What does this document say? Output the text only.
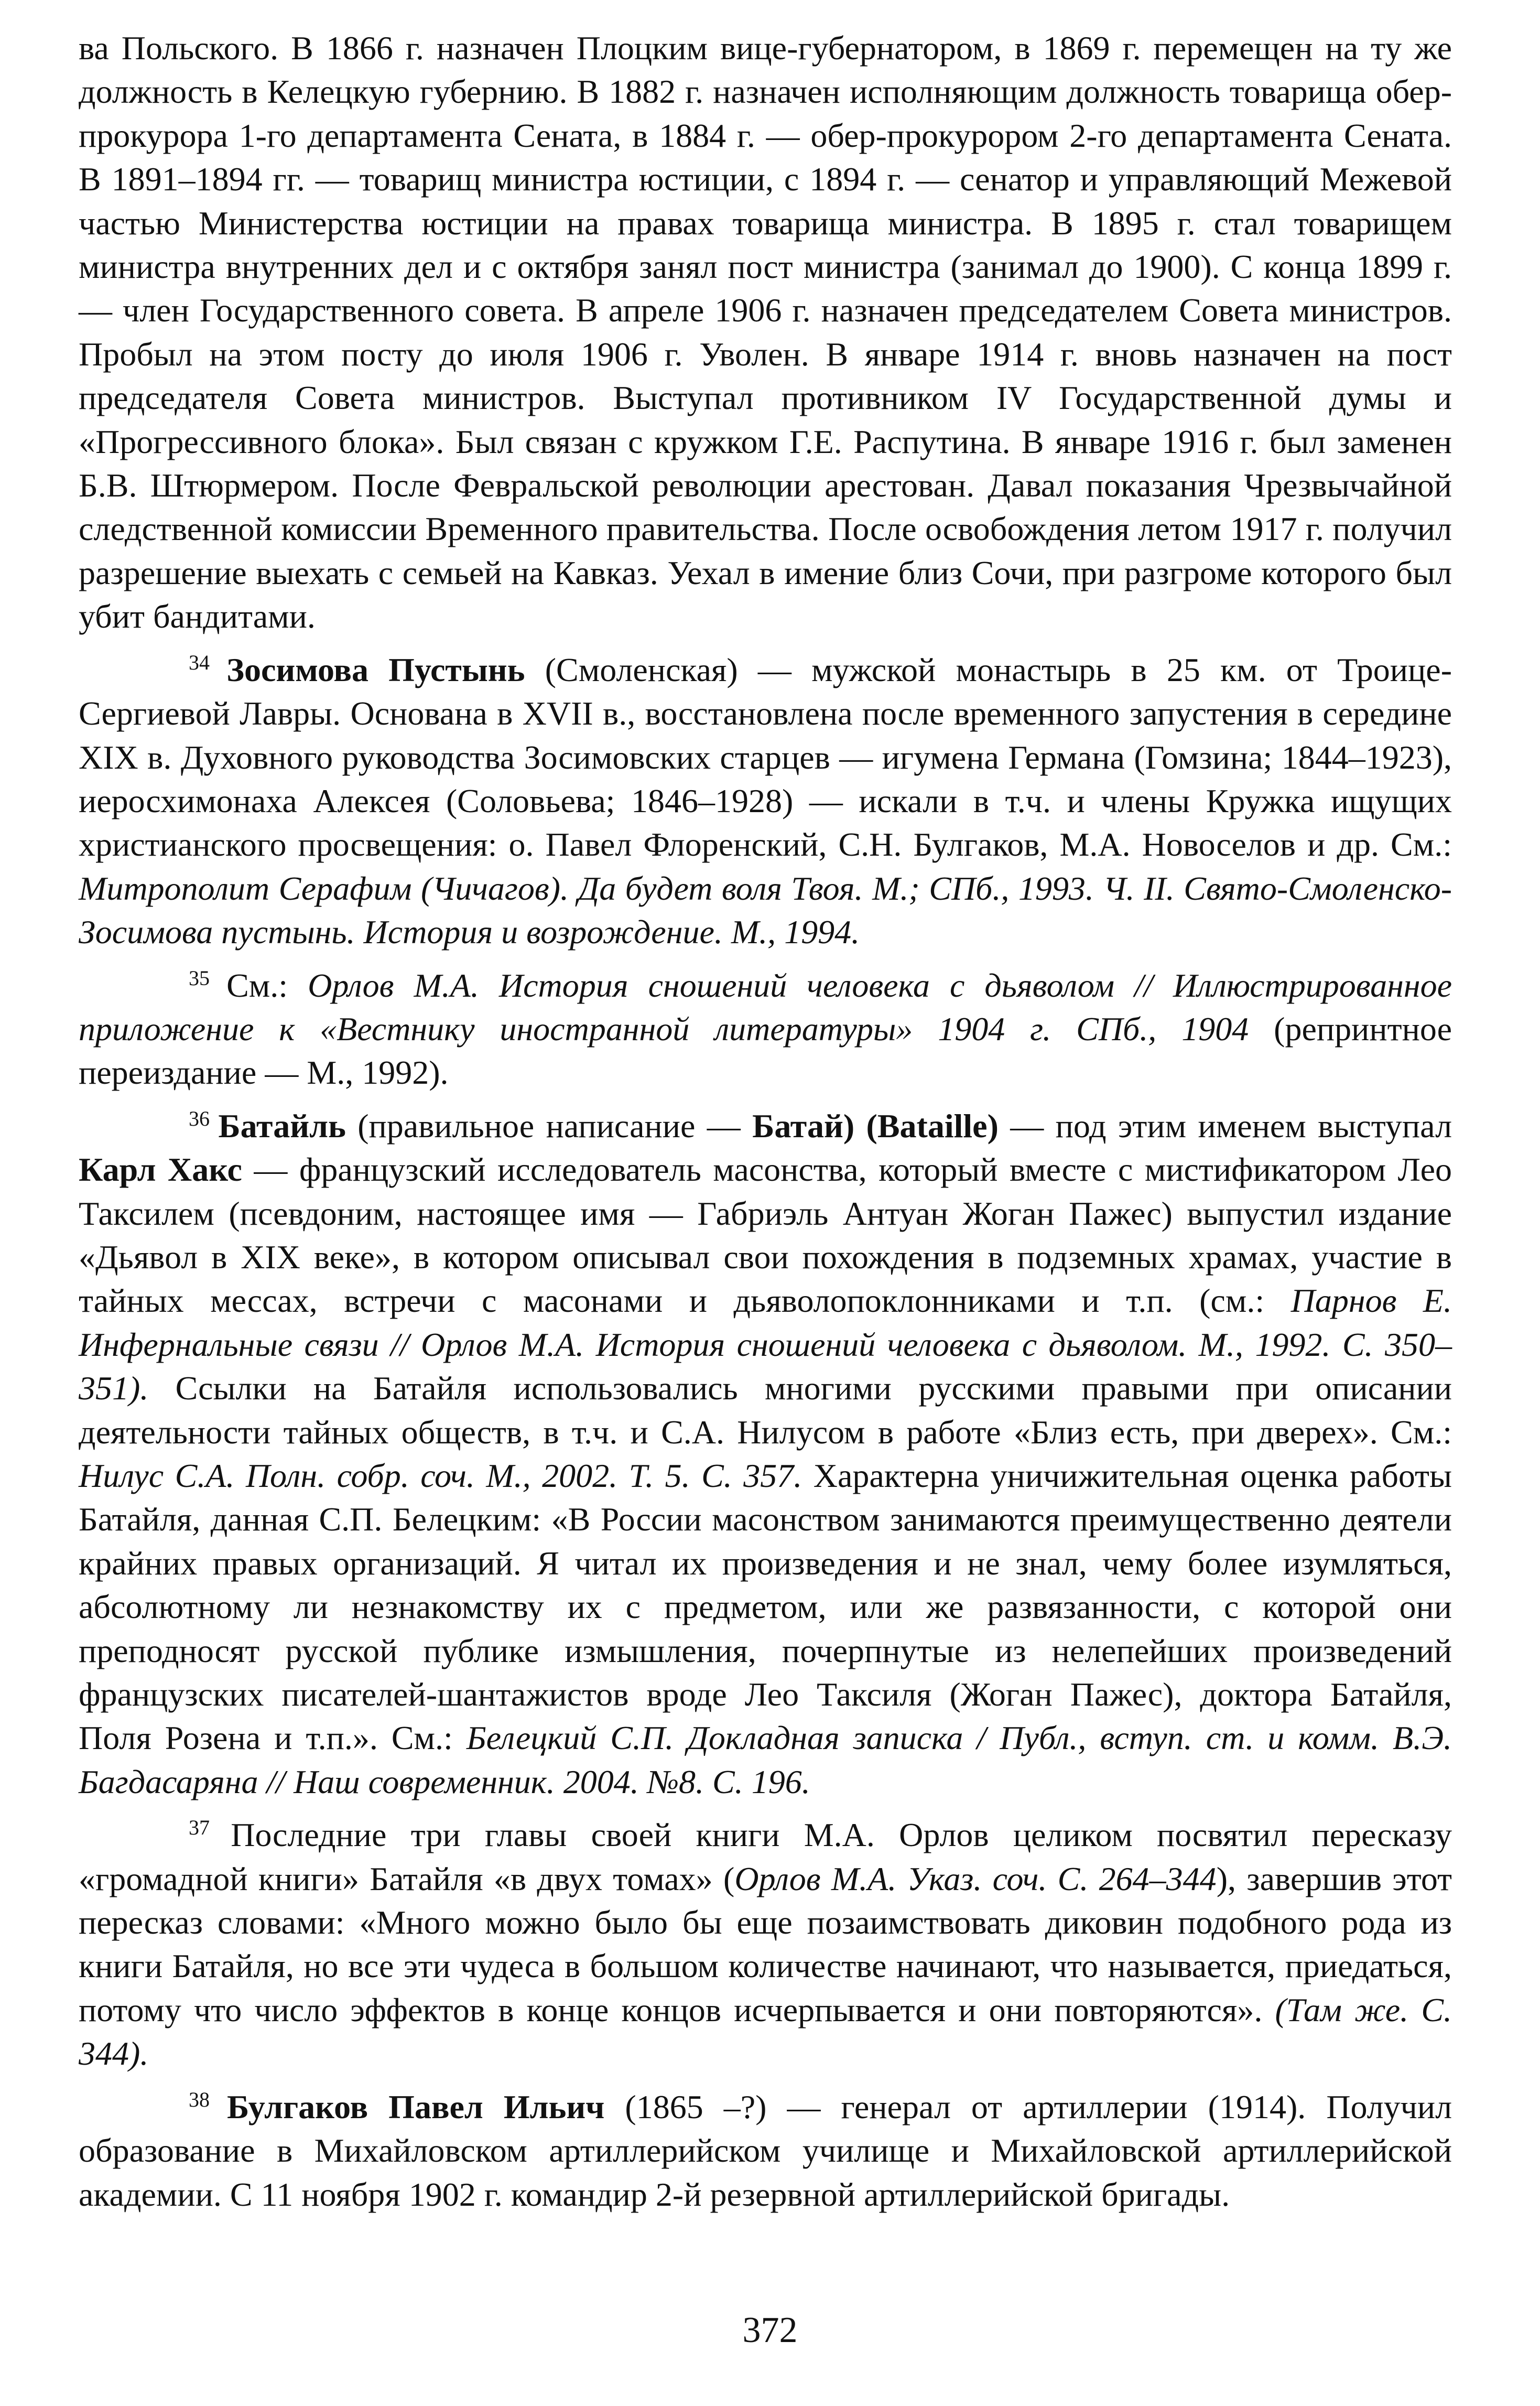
ва Польского. В 1866 г. назначен Плоцким вице-губернатором, в 1869 г. перемещен на ту же должность в Келецкую губернию. В 1882 г. назначен исполняющим должность товарища обер-прокурора 1-го департамента Сената, в 1884 г. — обер-прокурором 2-го департамента Сената. В 1891–1894 гг. — товарищ министра юстиции, с 1894 г. — сенатор и управляющий Межевой частью Министерства юстиции на правах товарища министра. В 1895 г. стал товарищем министра внутренних дел и с октября занял пост министра (занимал до 1900). С конца 1899 г. — член Государственного совета. В апреле 1906 г. назначен председателем Совета министров. Пробыл на этом посту до июля 1906 г. Уволен. В январе 1914 г. вновь назначен на пост председателя Совета министров. Выступал противником IV Государственной думы и «Прогрессивного блока». Был связан с кружком Г.Е. Распутина. В январе 1916 г. был заменен Б.В. Штюрмером. После Февральской революции арестован. Давал показания Чрезвычайной следственной комиссии Временного правительства. После освобождения летом 1917 г. получил разрешение выехать с семьей на Кавказ. Уехал в имение близ Сочи, при разгроме которого был убит бандитами.

$^{34}$ Зосимова Пустынь (Смоленская) — мужской монастырь в 25 км. от Троице-Сергиевой Лавры. Основана в XVII в., восстановлена после временного запустения в середине XIX в. Духовного руководства Зосимовских старцев — игумена Германа (Гомзина; 1844–1923), иеросхимонаха Алексея (Соловьева; 1846–1928) — искали в т.ч. и члены Кружка ищущих христианского просвещения: о. Павел Флоренский, С.Н. Булгаков, М.А. Новоселов и др. См.: Митрополит Серафим (Чичагов). Да будет воля Твоя. М.; СПб., 1993. Ч. II. Свято-Смоленско-Зосимова пустынь. История и возрождение. М., 1994.

$^{35}$ См.: Орлов М.А. История сношений человека с дьяволом // Иллюстрированное приложение к «Вестнику иностранной литературы» 1904 г. СПб., 1904 (репринтное переиздание — М., 1992).

$^{36}$ Батайль (правильное написание — Батай) (Bataille) — под этим именем выступал Карл Хакс — французский исследователь масонства, который вместе с мистификатором Лео Таксилем (псевдоним, настоящее имя — Габриэль Антуан Жоган Пажес) выпустил издание «Дьявол в XIX веке», в котором описывал свои похождения в подземных храмах, участие в тайных мессах, встречи с масонами и дьяволопоклонниками и т.п. (см.: Парнов Е. Инфернальные связи // Орлов М.А. История сношений человека с дьяволом. М., 1992. С. 350–351). Ссылки на Батайля использовались многими русскими правыми при описании деятельности тайных обществ, в т.ч. и С.А. Нилусом в работе «Близ есть, при дверех». См.: Нилус С.А. Полн. собр. соч. М., 2002. Т. 5. С. 357. Характерна уничижительная оценка работы Батайля, данная С.П. Белецким: «В России масонством занимаются преимущественно деятели крайних правых организаций. Я читал их произведения и не знал, чему более изумляться, абсолютному ли незнакомству их с предметом, или же развязанности, с которой они преподносят русской публике измышления, почерпнутые из нелепейших произведений французских писателей-шантажистов вроде Лео Таксиля (Жоган Пажес), доктора Батайля, Поля Розена и т.п.». См.: Белецкий С.П. Докладная записка / Публ., вступ. ст. и комм. В.Э. Багдасаряна // Наш современник. 2004. №8. С. 196.

$^{37}$ Последние три главы своей книги М.А. Орлов целиком посвятил пересказу «громадной книги» Батайля «в двух томах» (Орлов М.А. Указ. соч. С. 264–344), завершив этот пересказ словами: «Много можно было бы еще позаимствовать диковин подобного рода из книги Батайля, но все эти чудеса в большом количестве начинают, что называется, приедаться, потому что число эффектов в конце концов исчерпывается и они повторяются». (Там же. С. 344).

$^{38}$ Булгаков Павел Ильич (1865 –?) — генерал от артиллерии (1914). Получил образование в Михайловском артиллерийском училище и Михайловской артиллерийской академии. С 11 ноября 1902 г. командир 2-й резервной артиллерийской бригады.

372
